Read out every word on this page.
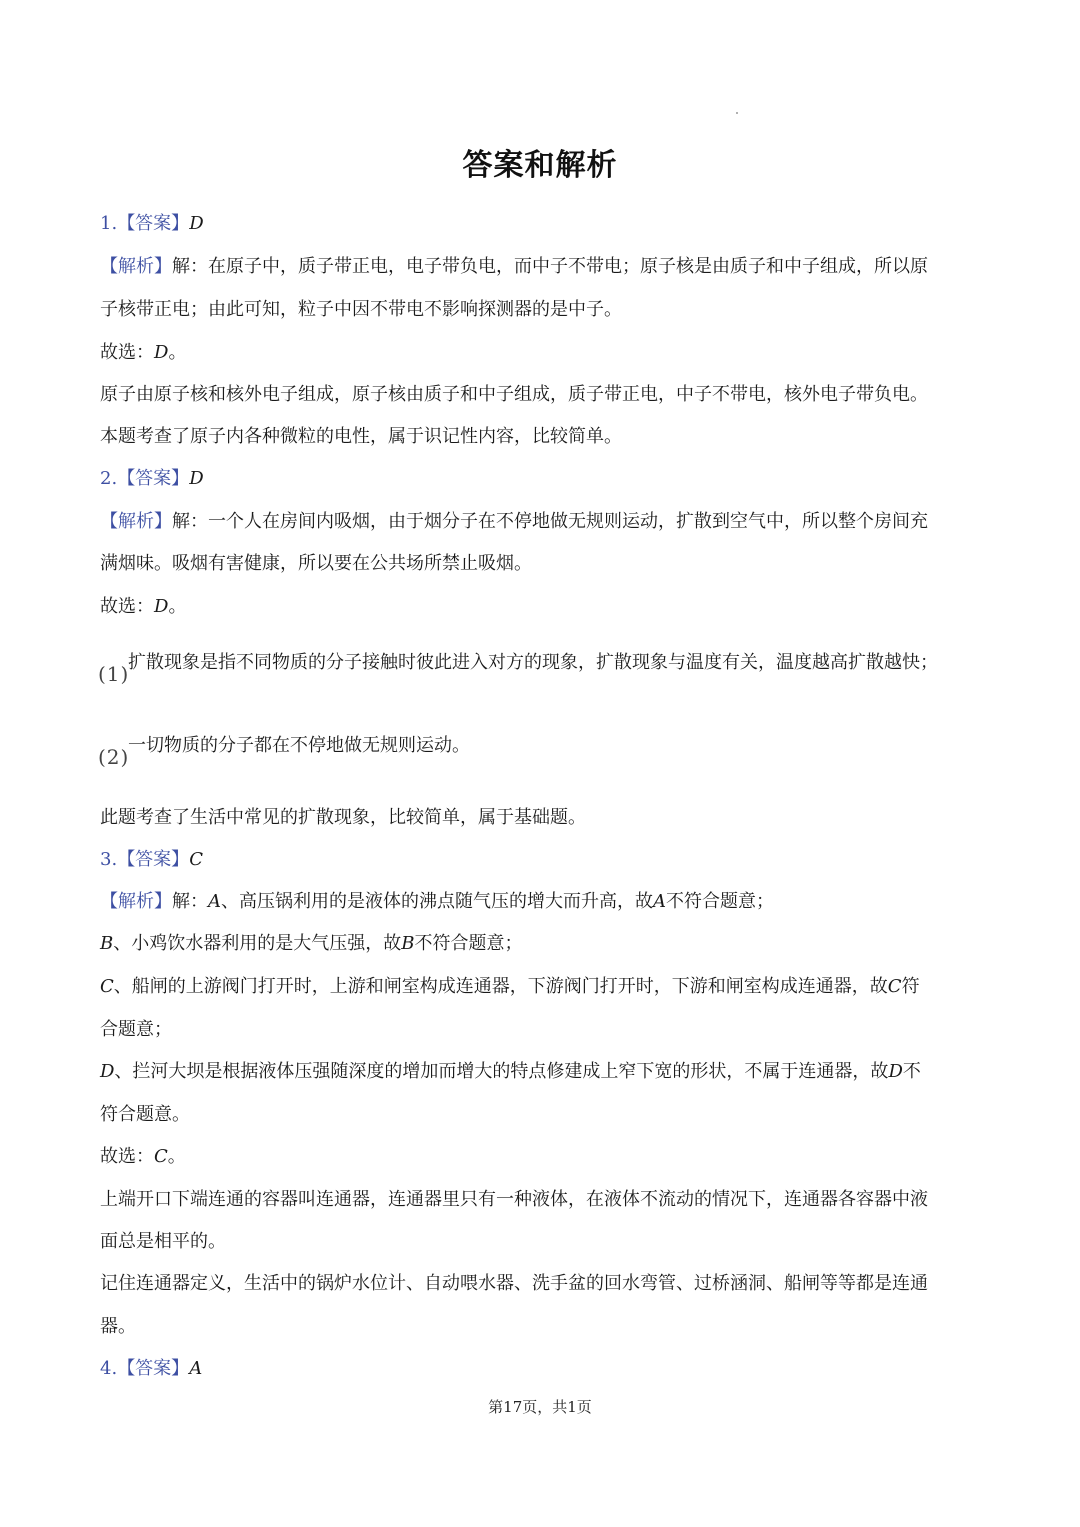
答案和解析
1.【答案】D
【解析】解：在原子中，质子带正电，电子带负电，而中子不带电；原子核是由质子和中子组成，所以原
子核带正电；由此可知，粒子中因不带电不影响探测器的是中子。
故选：D。
原子由原子核和核外电子组成，原子核由质子和中子组成，质子带正电，中子不带电，核外电子带负电。
本题考查了原子内各种微粒的电性，属于识记性内容，比较简单。
2.【答案】D
【解析】解：一个人在房间内吸烟，由于烟分子在不停地做无规则运动，扩散到空气中，所以整个房间充
满烟味。吸烟有害健康，所以要在公共场所禁止吸烟。
故选：D。
(1)
扩散现象是指不同物质的分子接触时彼此进入对方的现象，扩散现象与温度有关，温度越高扩散越快；
(2)
一切物质的分子都在不停地做无规则运动。
此题考查了生活中常见的扩散现象，比较简单，属于基础题。
3.【答案】C
【解析】解：A、高压锅利用的是液体的沸点随气压的增大而升高，故A不符合题意；
B、小鸡饮水器利用的是大气压强，故B不符合题意；
C、船闸的上游阀门打开时，上游和闸室构成连通器，下游阀门打开时，下游和闸室构成连通器，故C符
合题意；
D、拦河大坝是根据液体压强随深度的增加而增大的特点修建成上窄下宽的形状，不属于连通器，故D不
符合题意。
故选：C。
上端开口下端连通的容器叫连通器，连通器里只有一种液体，在液体不流动的情况下，连通器各容器中液
面总是相平的。
记住连通器定义，生活中的锅炉水位计、自动喂水器、洗手盆的回水弯管、过桥涵洞、船闸等等都是连通
器。
4.【答案】A
第17页，共1页
